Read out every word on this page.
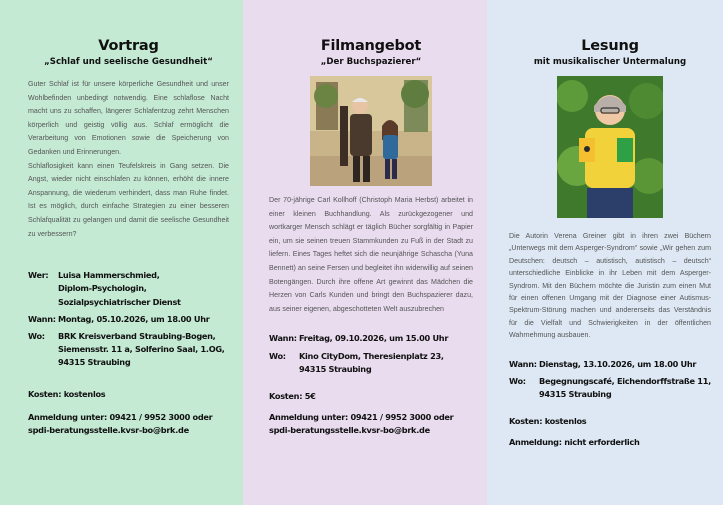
Vortrag
„Schlaf und seelische Gesundheit“

Guter Schlaf ist für unsere körperliche Gesundheit und unser Wohlbefinden unbedingt notwendig. Eine schlaflose Nacht macht uns zu schaffen, längerer Schlafentzug zehrt Menschen körperlich und geistig völlig aus. Schlaf ermöglicht die Verarbeitung von Emotionen sowie die Speicherung von Gedanken und Erinnerungen.

Schlaflosigkeit kann einen Teufelskreis in Gang setzen. Die Angst, wieder nicht einschlafen zu können, erhöht die innere Anspannung, die wiederum verhindert, dass man Ruhe findet. Ist es möglich, durch einfache Strategien zu einer besseren Schlafqualität zu gelangen und damit die seelische Gesundheit zu verbessern?

Wer:	Luisa Hammerschmied,
Diplom-Psychologin, Sozialpsychiatrischer Dienst
Wann: Montag, 05.10.2026, um 18.00 Uhr
Wo:	BRK Kreisverband Straubing-Bogen,
Siemensstr. 11 a, Solferino Saal, 1.OG,
94315 Straubing

Kosten: kostenlos

Anmeldung unter: 09421 / 9952 3000 oder

spdi-beratungsstelle.kvsr-bo@brk.de

Filmangebot
„Der Buchspazierer“

Der 70-jährige Carl Kollhoff (Christoph Maria Herbst) arbeitet in einer kleinen Buchhandlung. Als zurückgezogener und wortkarger Mensch schlägt er täglich Bücher sorgfältig in Papier ein, um sie seinen treuen Stammkunden zu Fuß in der Stadt zu liefern. Eines Tages heftet sich die neunjährige Schascha (Yuna Bennett) an seine Fersen und begleitet ihn widerwillig auf seinen Botengängen. Durch ihre offene Art gewinnt das Mädchen die Herzen von Carls Kunden und bringt den Buchspazierer dazu, aus seiner eigenen, abgeschotteten Welt auszubrechen

Wann: Freitag, 09.10.2026, um 15.00 Uhr
Wo:	Kino CityDom, Theresienplatz 23,
94315 Straubing

Kosten: 5€

Anmeldung unter: 09421 / 9952 3000 oder

spdi-beratungsstelle.kvsr-bo@brk.de

Lesung
mit musikalischer Untermalung

Die Autorin Verena Greiner gibt in ihren zwei Büchern „Unterwegs mit dem Asperger-Syndrom“ sowie „Wir gehen zum Deutschen: deutsch – autistisch, autistisch – deutsch“ unterschiedliche Einblicke in ihr Leben mit dem Asperger-Syndrom. Mit den Büchern möchte die Juristin zum einen Mut für einen offenen Umgang mit der Diagnose einer Autismus-Spektrum-Störung machen und andererseits das Verständnis für die Vielfalt und Schwierigkeiten in der öffentlichen Wahrnehmung ausbauen.

Wann: Dienstag, 13.10.2026, um 18.00 Uhr
Wo:	Begegnungscafé, Eichendorffstraße 11,
94315 Straubing

Kosten: kostenlos

Anmeldung: nicht erforderlich
